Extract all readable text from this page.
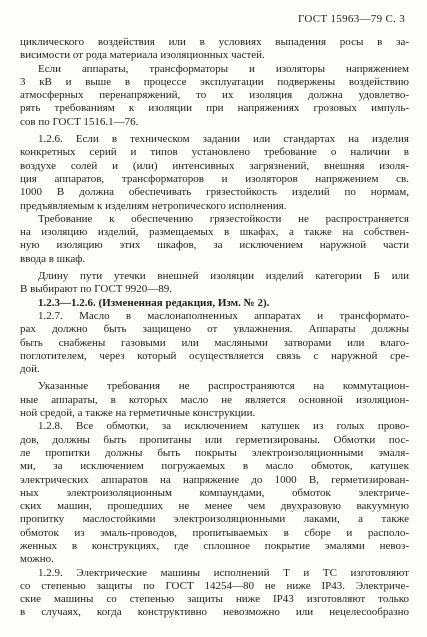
ГОСТ 15963—79 С. 3
циклического воздействия или в условиях выпадения росы в за-
висимости от рода материала изоляционных частей.
Если аппараты, трансформаторы и изоляторы напряжением
3 кВ и выше в процессе эксплуатации подвержены воздействию
атмосферных перенапряжений, то их изоляция должна удовлетво-
рять требованиям к изоляции при напряжениях грозовых импуль-
сов по ГОСТ 1516.1—76.
1.2.6. Если в техническом задании или стандартах на изделия
конкретных серий и типов установлено требование о наличии в
воздухе солей и (или) интенсивных загрязнений, внешняя изоля-
ция аппаратов, трансформаторов и изоляторов напряжением св.
1000 В должна обеспечивать грязестойкость изделий по нормам,
предъявляемым к изделиям нетропического исполнения.
Требование к обеспечению грязестойкости не распространяется
на изоляцию изделий, размещаемых в шкафах, а также на собствен-
ную изоляцию этих шкафов, за исключением наружной части
ввода в шкаф.
Длину пути утечки внешней изоляции изделий категории Б или
В выбирают по ГОСТ 9920—89.
1.2.3—1.2.6. (Измененная редакция, Изм. № 2).
1.2.7. Масло в маслонаполненных аппаратах и трансформато-
рах должно быть защищено от увлажнения. Аппараты должны
быть снабжены газовыми или масляными затворами или влаго-
поглотителем, через который осуществляется связь с наружной сре-
дой.
Указанные требования не распространяются на коммутацион-
ные аппараты, в которых масло не является основной изоляцион-
ной средой, а также на герметичные конструкции.
1.2.8. Все обмотки, за исключением катушек из голых прово-
дов, должны быть пропитаны или герметизированы. Обмотки пос-
ле пропитки должны быть покрыты электроизоляционными эмаля-
ми, за исключением погружаемых в масло обмоток, катушек
электрических аппаратов на напряжение до 1000 В, герметизирован-
ных электроизоляционным компаундами, обмоток электриче-
ских машин, прошедших не менее чем двухразовую вакуумную
пропитку маслостойкими электроизоляционными лаками, а также
обмоток из эмаль-проводов, пропитываемых в сборе и располо-
женных в конструкциях, где сплошное покрытие эмалями невоз-
можно.
1.2.9. Электрические машины исполнений Т и ТС изготовляют
со степенью защиты по ГОСТ 14254—80 не ниже IP43. Электриче-
ские машины со степенью защиты ниже IP43 изготовляют только
в случаях, когда конструктивно невозможно или нецелесообразно
